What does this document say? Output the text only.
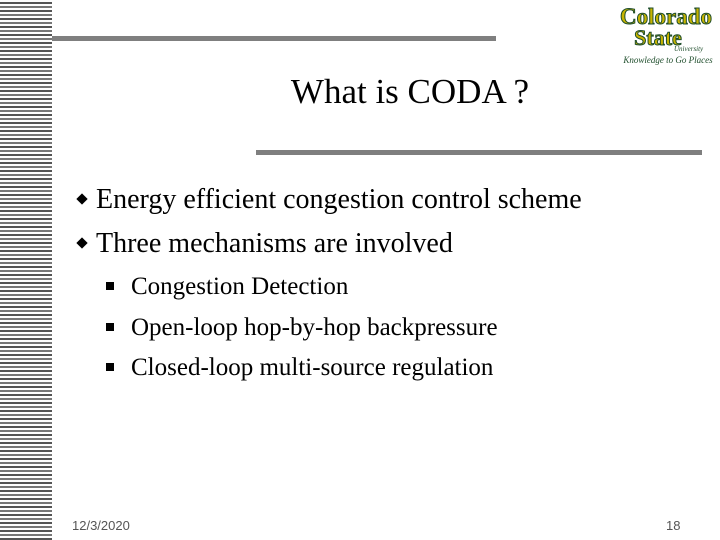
Colorado
State
University
Knowledge to Go Places
What is CODA ?
Energy efficient congestion control scheme
Three mechanisms are involved
Congestion Detection
Open-loop hop-by-hop backpressure
Closed-loop multi-source regulation
12/3/2020	18
